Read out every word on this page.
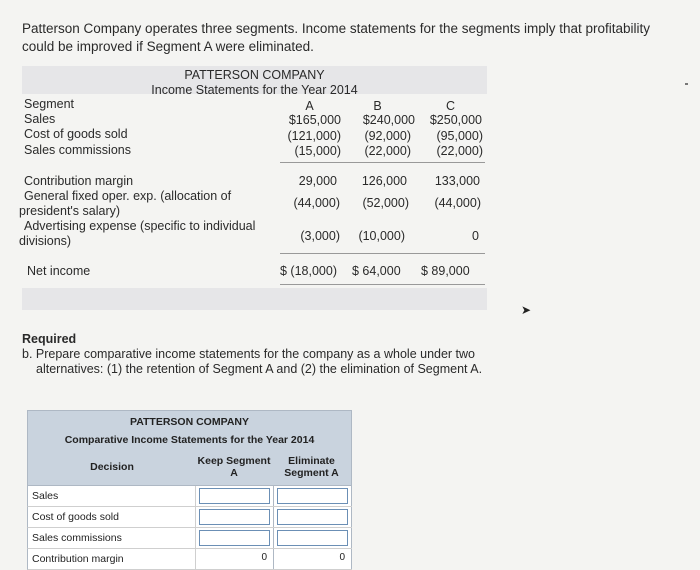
Patterson Company operates three segments. Income statements for the segments imply that profitability could be improved if Segment A were eliminated.
PATTERSON COMPANY
Income Statements for the Year 2014
Segment	A	B	C
Sales	$165,000	$240,000	$250,000
Cost of goods sold	(121,000)	(92,000)	(95,000)
Sales commissions	(15,000)	(22,000)	(22,000)
Contribution margin	29,000	126,000	133,000
General fixed oper. exp. (allocation of president's salary)
(44,000)	(52,000)	(44,000)
Advertising expense (specific to individual divisions)	(3,000)	(10,000)	0
Net income	$ (18,000) $ 64,000 $ 89,000
➤
Required
b. Prepare comparative income statements for the company as a whole under two alternatives: (1) the retention of Segment A and (2) the elimination of Segment A.
PATTERSON COMPANY
Comparative Income Statements for the Year 2014
Decision	Keep Segment A
Eliminate Segment A
Sales
Cost of goods sold
Sales commissions
Contribution margin	0	0
